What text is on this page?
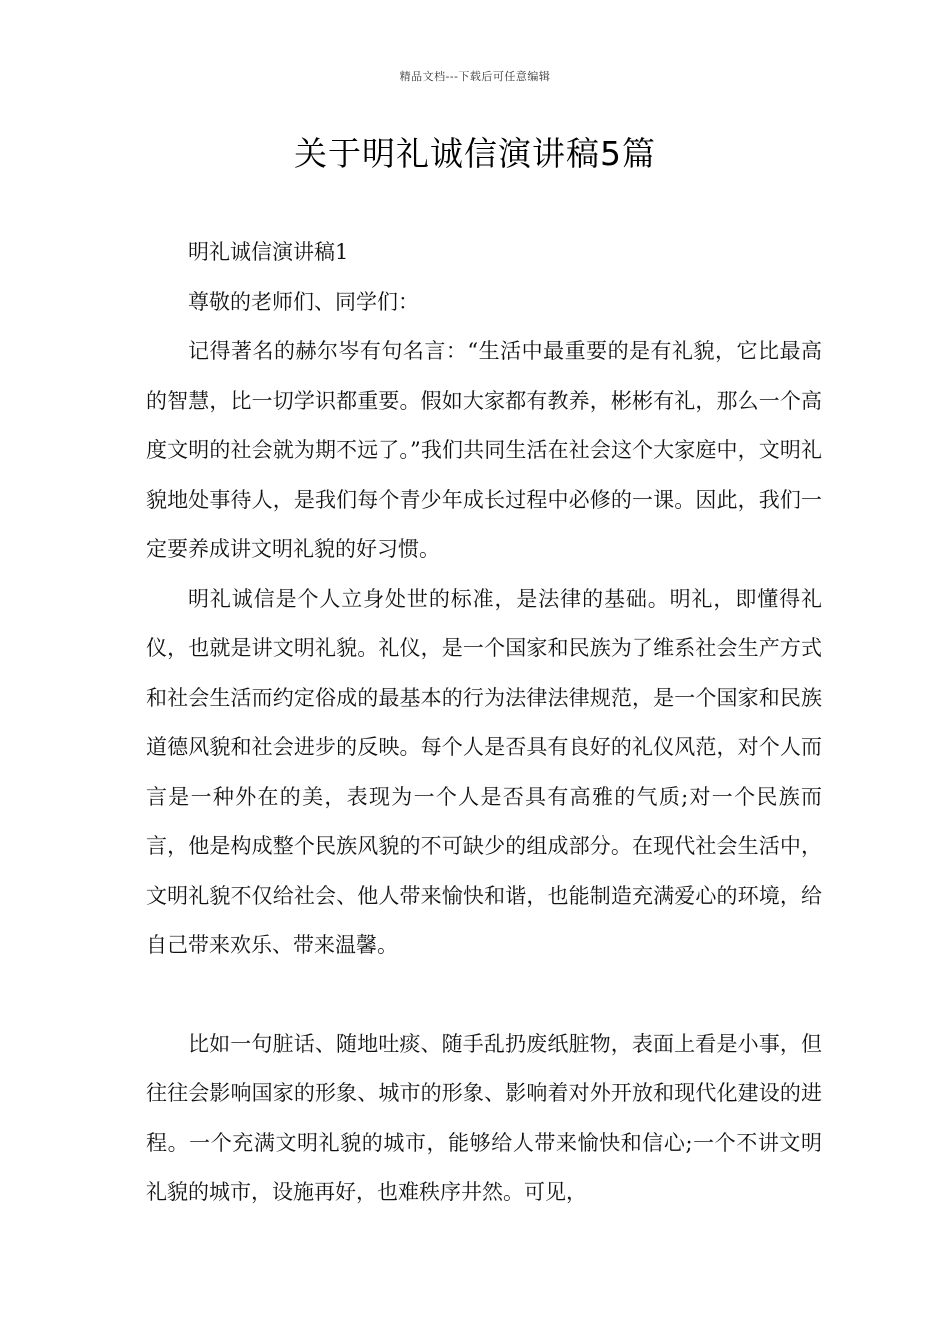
精品文档---下载后可任意编辑
关于明礼诚信演讲稿5篇

明礼诚信演讲稿1

尊敬的老师们、同学们：

记得著名的赫尔岑有句名言：“生活中最重要的是有礼貌，它比最高的智慧，比一切学识都重要。假如大家都有教养，彬彬有礼，那么一个高度文明的社会就为期不远了。”我们共同生活在社会这个大家庭中，文明礼貌地处事待人，是我们每个青少年成长过程中必修的一课。因此，我们一定要养成讲文明礼貌的好习惯。

明礼诚信是个人立身处世的标准，是法律的基础。明礼，即懂得礼仪，也就是讲文明礼貌。礼仪，是一个国家和民族为了维系社会生产方式和社会生活而约定俗成的最基本的行为法律法律规范，是一个国家和民族道德风貌和社会进步的反映。每个人是否具有良好的礼仪风范，对个人而言是一种外在的美，表现为一个人是否具有高雅的气质;对一个民族而言，他是构成整个民族风貌的不可缺少的组成部分。在现代社会生活中，文明礼貌不仅给社会、他人带来愉快和谐，也能制造充满爱心的环境，给自己带来欢乐、带来温馨。

比如一句脏话、随地吐痰、随手乱扔废纸脏物，表面上看是小事，但往往会影响国家的形象、城市的形象、影响着对外开放和现代化建设的进程。一个充满文明礼貌的城市，能够给人带来愉快和信心;一个不讲文明礼貌的城市，设施再好，也难秩序井然。可见，
